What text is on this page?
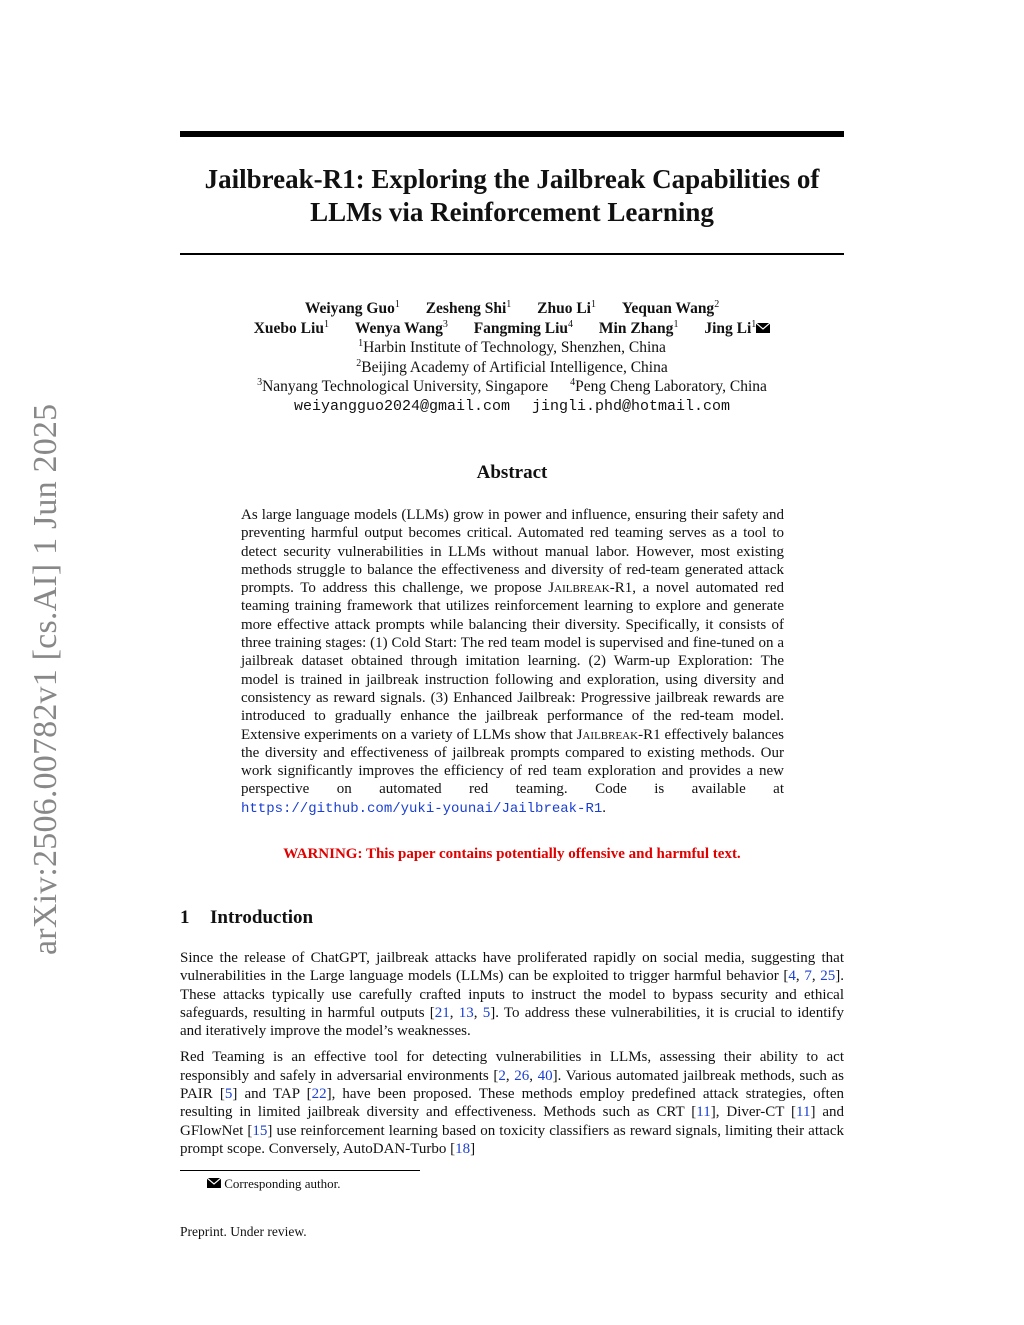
arXiv:2506.00782v1 [cs.AI] 1 Jun 2025
Jailbreak-R1: Exploring the Jailbreak Capabilities of
LLMs via Reinforcement Learning
Weiyang Guo$^1$ Zesheng Shi$^1$ Zhuo Li$^1$ Yequan Wang$^2$
Xuebo Liu$^1$ Wenya Wang$^3$ Fangming Liu$^4$ Min Zhang$^1$ Jing Li$^1$
$^1$Harbin Institute of Technology, Shenzhen, China
$^2$Beijing Academy of Artificial Intelligence, China
$^3$Nanyang Technological University, Singapore $^4$Peng Cheng Laboratory, China
weiyangguo2024@gmail.com jingli.phd@hotmail.com
Abstract
As large language models (LLMs) grow in power and influence, ensuring their safety and preventing harmful output becomes critical. Automated red teaming serves as a tool to detect security vulnerabilities in LLMs without manual labor. However, most existing methods struggle to balance the effectiveness and diversity of red-team generated attack prompts. To address this challenge, we propose Jailbreak-R1, a novel automated red teaming training framework that utilizes reinforcement learning to explore and generate more effective attack prompts while balancing their diversity. Specifically, it consists of three training stages: (1) Cold Start: The red team model is supervised and fine-tuned on a jailbreak dataset obtained through imitation learning. (2) Warm-up Exploration: The model is trained in jailbreak instruction following and exploration, using diversity and consistency as reward signals. (3) Enhanced Jailbreak: Progressive jailbreak rewards are introduced to gradually enhance the jailbreak performance of the red-team model. Extensive experiments on a variety of LLMs show that Jailbreak-R1 effectively balances the diversity and effectiveness of jailbreak prompts compared to existing methods. Our work significantly improves the efficiency of red team exploration and provides a new perspective on automated red teaming. Code is available at https://github.com/yuki-younai/Jailbreak-R1.
WARNING: This paper contains potentially offensive and harmful text.
1 Introduction

Since the release of ChatGPT, jailbreak attacks have proliferated rapidly on social media, suggesting that vulnerabilities in the Large language models (LLMs) can be exploited to trigger harmful behavior [4, 7, 25]. These attacks typically use carefully crafted inputs to instruct the model to bypass security and ethical safeguards, resulting in harmful outputs [21, 13, 5]. To address these vulnerabilities, it is crucial to identify and iteratively improve the model’s weaknesses.

Red Teaming is an effective tool for detecting vulnerabilities in LLMs, assessing their ability to act responsibly and safely in adversarial environments [2, 26, 40]. Various automated jailbreak methods, such as PAIR [5] and TAP [22], have been proposed. These methods employ predefined attack strategies, often resulting in limited jailbreak diversity and effectiveness. Methods such as CRT [11], Diver-CT [11] and GFlowNet [15] use reinforcement learning based on toxicity classifiers as reward signals, limiting their attack prompt scope. Conversely, AutoDAN-Turbo [18]

Corresponding author.
Preprint. Under review.
